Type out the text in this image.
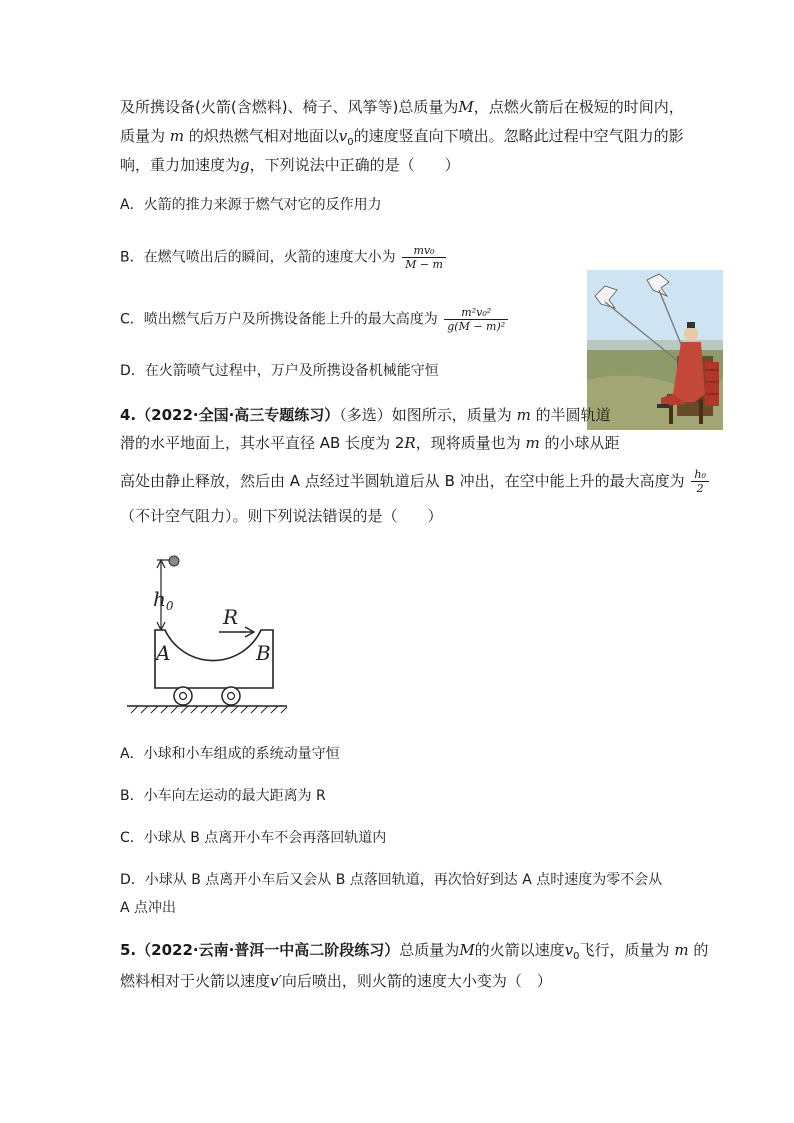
及所携设备(火箭(含燃料)、椅子、风筝等)总质量为M，点燃火箭后在极短的时间内，
质量为 m 的炽热燃气相对地面以$v_0$的速度竖直向下喷出。忽略此过程中空气阻力的影
响，重力加速度为g，下列说法中正确的是（　　）
A．火箭的推力来源于燃气对它的反作用力
B．在燃气喷出后的瞬间，火箭的速度大小为 $\frac{\text{mv₀}}{M - m}$
C．喷出燃气后万户及所携设备能上升的最大高度为 $\frac{\text{m²v₀²}}{\text{g(M − m)²}}$
D．在火箭喷气过程中，万户及所携设备机械能守恒
4.（2022·全国·高三专题练习）（多选）如图所示，质量为 m 的半圆轨道
滑的水平地面上，其水平直径 AB 长度为 2R，现将质量也为 m 的小球从距
高处由静止释放，然后由 A 点经过半圆轨道后从 B 冲出，在空中能上升的最大高度为 $\frac{\text{h₀}}{2}$
（不计空气阻力）。则下列说法错误的是（　　）
$h_0$
A	B
R
A．小球和小车组成的系统动量守恒
B．小车向左运动的最大距离为 R
C．小球从 B 点离开小车不会再落回轨道内
D．小球从 B 点离开小车后又会从 B 点落回轨道，再次恰好到达 A 点时速度为零不会从
A 点冲出
5.（2022·云南·普洱一中高二阶段练习）总质量为M的火箭以速度$v_0$飞行，质量为 m 的
燃料相对于火箭以速度v′向后喷出，则火箭的速度大小变为（　）
